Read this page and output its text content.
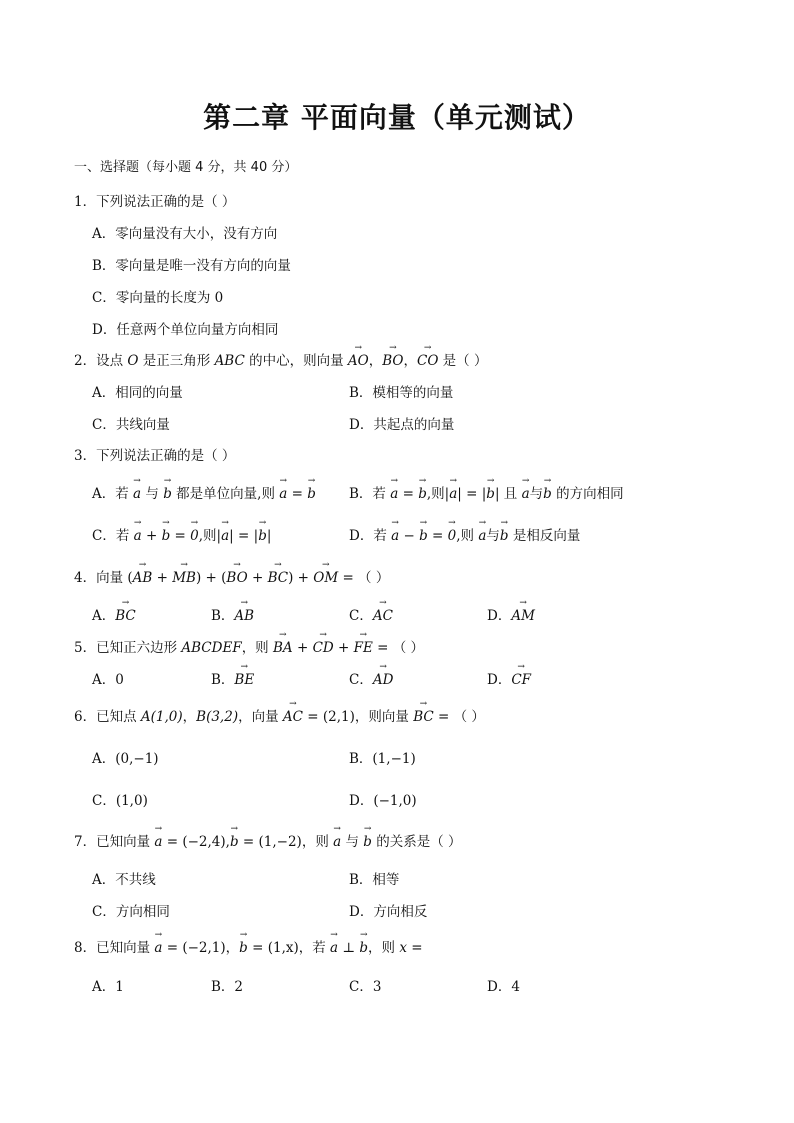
第二章 平面向量（单元测试）
一、选择题（每小题 4 分，共 40 分）
1．下列说法正确的是（ ）
A．零向量没有大小，没有方向
B．零向量是唯一没有方向的向量
C．零向量的长度为 0
D．任意两个单位向量方向相同
2．设点 O 是正三角形 ABC 的中心，则向量 → AO，→ BO，→ CO 是（ ）
A．相同的向量	B．模相等的向量
C．共线向量	D．共起点的向量
3．下列说法正确的是（ ）
A．若 → a 与 → b 都是单位向量,则 → a = → b B．若 → a = → b,则|→ a| = |→ b| 且 → a与→ b 的方向相同
C．若 → a + → b = → 0,则|→ a| = |→ b|	D．若 → a − → b = → 0,则 → a与→ b 是相反向量
4．向量 (→ AB + → MB) + (→ BO + → BC) + → OM = （ ）
A．→ BC	B．→ AB	C．→ AC	D．→ AM
5．已知正六边形 ABCDEF，则 → BA + → CD + → FE = （ ）
A．0	B．→ BE	C．→ AD	D．→ CF
6．已知点 A(1,0)，B(3,2)，向量 → AC = (2,1)，则向量 → BC = （ ）
A．(0,−1)	B．(1,−1)
C．(1,0)	D．(−1,0)
7．已知向量 → a = (−2,4),→ b = (1,−2)，则 → a 与 → b 的关系是（ ）
A．不共线	B．相等
C．方向相同	D．方向相反
8．已知向量 → a = (−2,1)，→ b = (1,x)，若 → a ⊥ → b，则 x =
A．1	B．2	C．3	D．4
